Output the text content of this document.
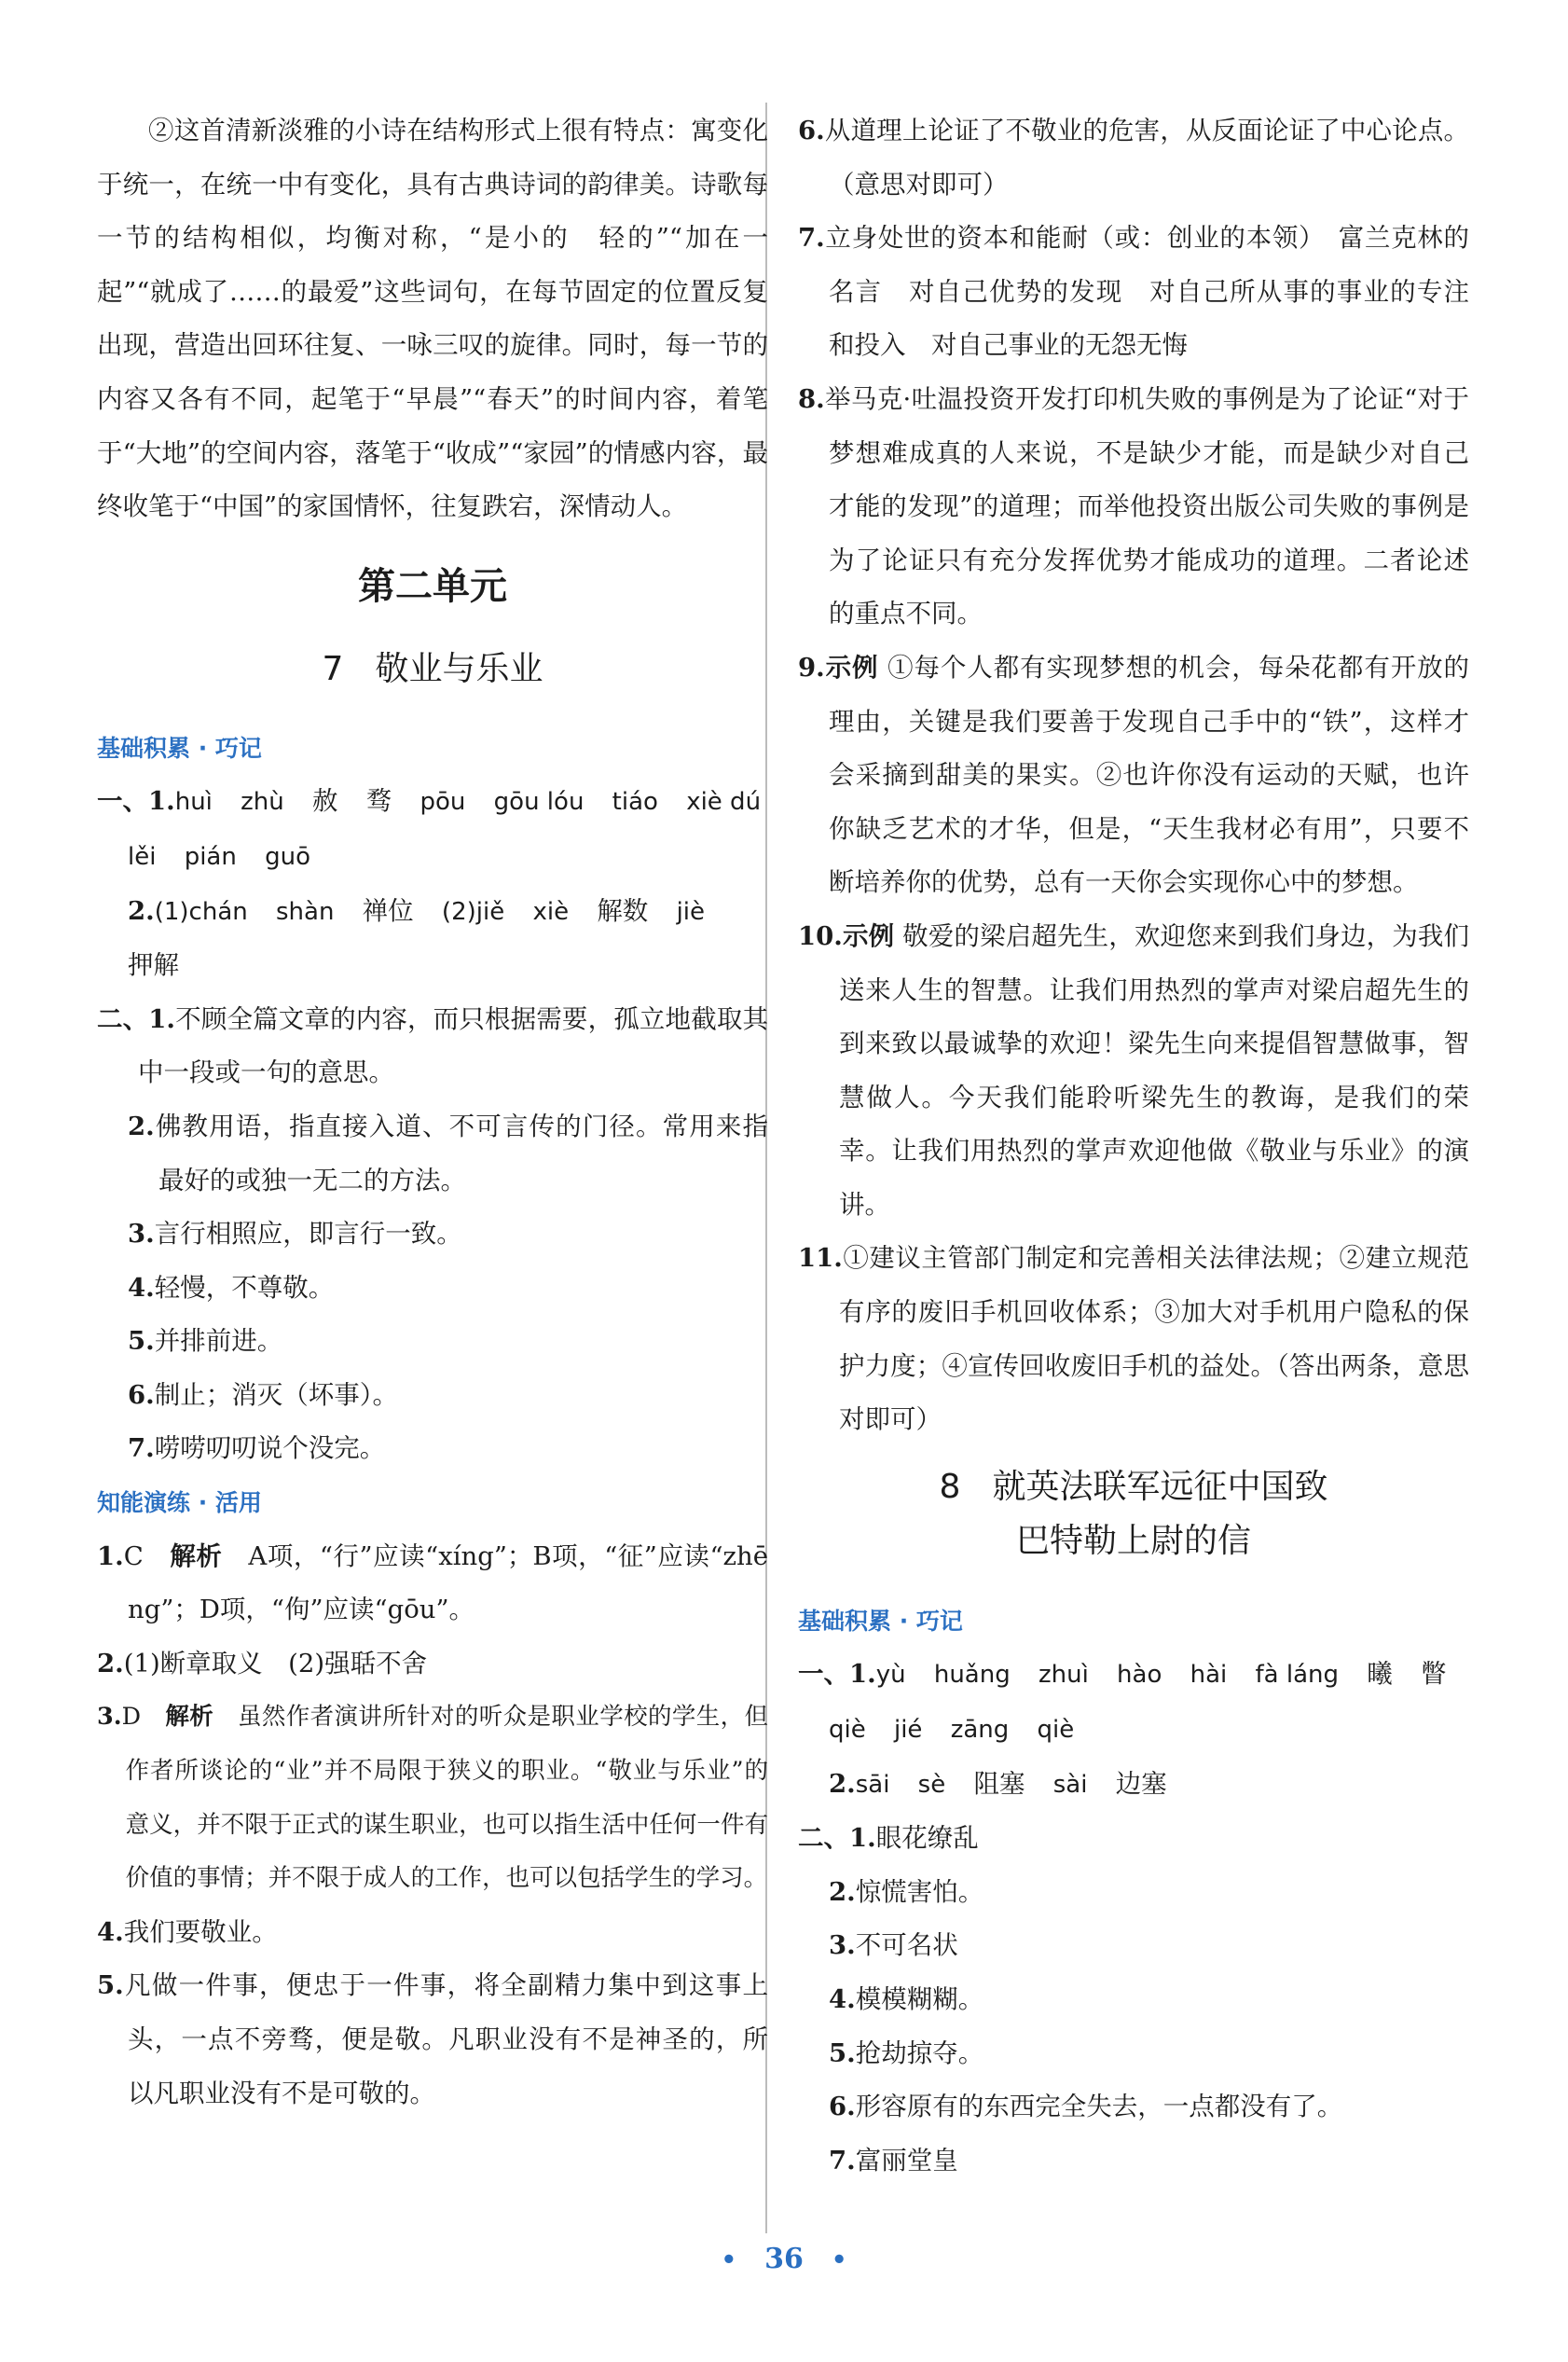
②这首清新淡雅的小诗在结构形式上很有特点：寓变化于统一，在统一中有变化，具有古典诗词的韵律美。诗歌每一节的结构相似，均衡对称，“是小的　轻的”“加在一起”“就成了……的最爱”这些词句，在每节固定的位置反复出现，营造出回环往复、一咏三叹的旋律。同时，每一节的内容又各有不同，起笔于“早晨”“春天”的时间内容，着笔于“大地”的空间内容，落笔于“收成”“家园”的情感内容，最终收笔于“中国”的家国情怀，往复跌宕，深情动人。

第二单元
7 敬业与乐业

基础积累 · 巧记

一、1.huì zhù 赦 骛 pōu gōu lóu tiáo xiè dú

lěi pián guō

2.(1)chán shàn 禅位 (2)jiě xiè 解数 jiè

押解

二、1.不顾全篇文章的内容，而只根据需要，孤立地截取其中一段或一句的意思。

2.佛教用语，指直接入道、不可言传的门径。常用来指最好的或独一无二的方法。

3.言行相照应，即言行一致。

4.轻慢，不尊敬。

5.并排前进。

6.制止；消灭（坏事）。

7.唠唠叨叨说个没完。

知能演练 · 活用

1.C　 解析　 A项，“行”应读“xíng”；B项，“征”应读“zhēng”；D项，“佝”应读“gōu”。

2.(1)断章取义　(2)强聒不舍

3.D　 解析　 虽然作者演讲所针对的听众是职业学校的学生，但作者所谈论的“业”并不局限于狭义的职业。“敬业与乐业”的意义，并不限于正式的谋生职业，也可以指生活中任何一件有价值的事情；并不限于成人的工作，也可以包括学生的学习。

4.我们要敬业。

5.凡做一件事，便忠于一件事，将全副精力集中到这事上头，一点不旁骛，便是敬。凡职业没有不是神圣的，所以凡职业没有不是可敬的。

6.从道理上论证了不敬业的危害，从反面论证了中心论点。（意思对即可）

7.立身处世的资本和能耐（或：创业的本领）　富兰克林的名言　对自己优势的发现　对自己所从事的事业的专注和投入　对自己事业的无怨无悔

8.举马克·吐温投资开发打印机失败的事例是为了论证“对于梦想难成真的人来说，不是缺少才能，而是缺少对自己才能的发现”的道理；而举他投资出版公司失败的事例是为了论证只有充分发挥优势才能成功的道理。二者论述的重点不同。

9.示例 ①每个人都有实现梦想的机会，每朵花都有开放的理由，关键是我们要善于发现自己手中的“铁”，这样才会采摘到甜美的果实。②也许你没有运动的天赋，也许你缺乏艺术的才华，但是，“天生我材必有用”，只要不断培养你的优势，总有一天你会实现你心中的梦想。

10.示例 敬爱的梁启超先生，欢迎您来到我们身边，为我们送来人生的智慧。让我们用热烈的掌声对梁启超先生的到来致以最诚挚的欢迎！梁先生向来提倡智慧做事，智慧做人。今天我们能聆听梁先生的教诲，是我们的荣幸。让我们用热烈的掌声欢迎他做《敬业与乐业》的演讲。

11.①建议主管部门制定和完善相关法律法规；②建立规范有序的废旧手机回收体系；③加大对手机用户隐私的保护力度；④宣传回收废旧手机的益处。（答出两条，意思对即可）

8 就英法联军远征中国致
巴特勒上尉的信

基础积累 · 巧记

一、1.yù huǎng zhuì hào hài fà láng 曦 瞥

qiè jié zāng qiè

2.sāi sè 阻塞 sài 边塞

二、1.眼花缭乱

2.惊慌害怕。

3.不可名状

4.模模糊糊。

5.抢劫掠夺。

6.形容原有的东西完全失去，一点都没有了。

7.富丽堂皇

• 36 •
